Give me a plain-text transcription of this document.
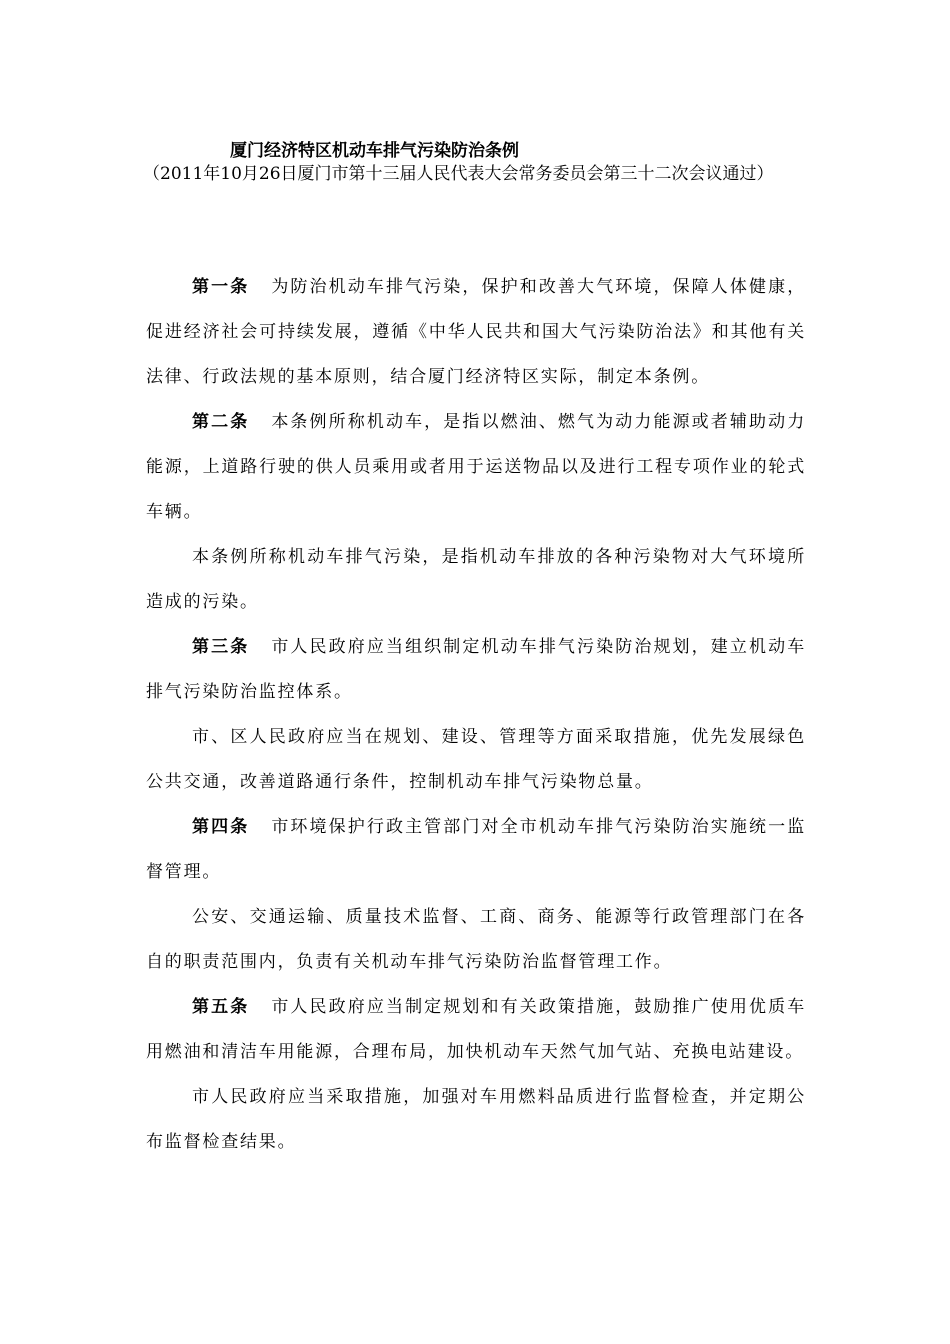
厦门经济特区机动车排气污染防治条例
（2011年10月26日厦门市第十三届人民代表大会常务委员会第三十二次会议通过）

第一条 为防治机动车排气污染，保护和改善大气环境，保障人体健康，促进经济社会可持续发展，遵循《中华人民共和国大气污染防治法》和其他有关法律、行政法规的基本原则，结合厦门经济特区实际，制定本条例。

第二条 本条例所称机动车，是指以燃油、燃气为动力能源或者辅助动力能源，上道路行驶的供人员乘用或者用于运送物品以及进行工程专项作业的轮式车辆。

本条例所称机动车排气污染，是指机动车排放的各种污染物对大气环境所造成的污染。

第三条 市人民政府应当组织制定机动车排气污染防治规划，建立机动车排气污染防治监控体系。

市、区人民政府应当在规划、建设、管理等方面采取措施，优先发展绿色公共交通，改善道路通行条件，控制机动车排气污染物总量。

第四条 市环境保护行政主管部门对全市机动车排气污染防治实施统一监督管理。

公安、交通运输、质量技术监督、工商、商务、能源等行政管理部门在各自的职责范围内，负责有关机动车排气污染防治监督管理工作。

第五条 市人民政府应当制定规划和有关政策措施，鼓励推广使用优质车用燃油和清洁车用能源，合理布局，加快机动车天然气加气站、充换电站建设。

市人民政府应当采取措施，加强对车用燃料品质进行监督检查，并定期公布监督检查结果。
